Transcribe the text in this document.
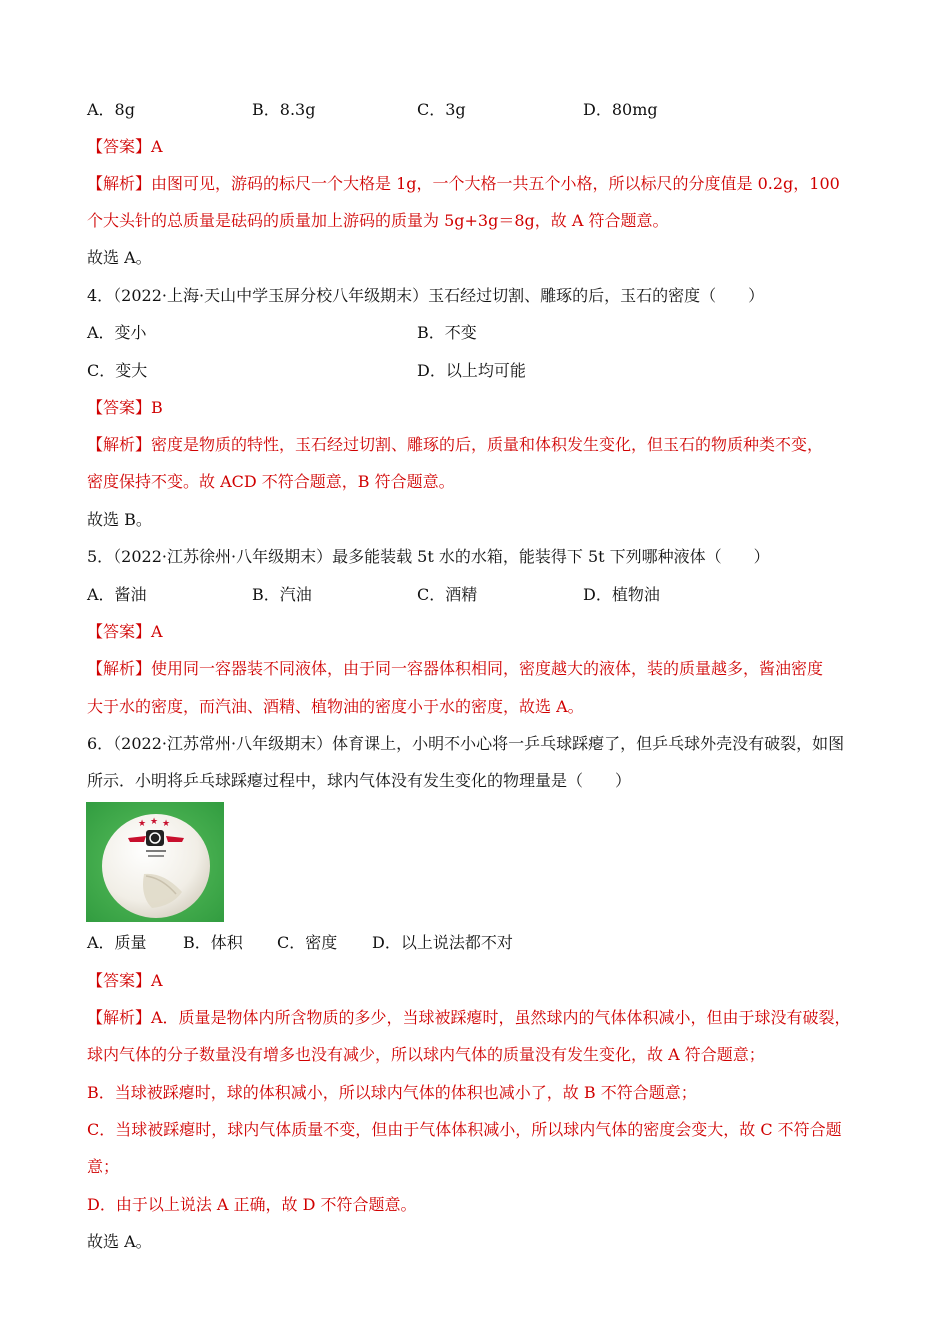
A．8g	B．8.3g	C．3g	D．80mg
【答案】A
【解析】由图可见，游码的标尺一个大格是 1g，一个大格一共五个小格，所以标尺的分度值是 0.2g，100
个大头针的总质量是砝码的质量加上游码的质量为 5g+3g＝8g，故 A 符合题意。
故选 A。
4．（2022·上海·天山中学玉屏分校八年级期末）玉石经过切割、雕琢的后，玉石的密度（　　）
A．变小	B．不变
C．变大	D．以上均可能
【答案】B
【解析】密度是物质的特性，玉石经过切割、雕琢的后，质量和体积发生变化，但玉石的物质种类不变，
密度保持不变。故 ACD 不符合题意，B 符合题意。
故选 B。
5．（2022·江苏徐州·八年级期末）最多能装载 5t 水的水箱，能装得下 5t 下列哪种液体（　　）
A．酱油	B．汽油	C．酒精	D．植物油
【答案】A
【解析】使用同一容器装不同液体，由于同一容器体积相同，密度越大的液体，装的质量越多，酱油密度
大于水的密度，而汽油、酒精、植物油的密度小于水的密度，故选 A。
6．（2022·江苏常州·八年级期末）体育课上，小明不小心将一乒乓球踩瘪了，但乒乓球外壳没有破裂，如图
所示．小明将乒乓球踩瘪过程中，球内气体没有发生变化的物理量是（　　）
★ ★ ★
A．质量 B．体积 C．密度 D．以上说法都不对
【答案】A
【解析】A．质量是物体内所含物质的多少，当球被踩瘪时，虽然球内的气体体积减小，但由于球没有破裂，
球内气体的分子数量没有增多也没有减少，所以球内气体的质量没有发生变化，故 A 符合题意；
B．当球被踩瘪时，球的体积减小，所以球内气体的体积也减小了，故 B 不符合题意；
C．当球被踩瘪时，球内气体质量不变，但由于气体体积减小，所以球内气体的密度会变大，故 C 不符合题
意；
D．由于以上说法 A 正确，故 D 不符合题意。
故选 A。
